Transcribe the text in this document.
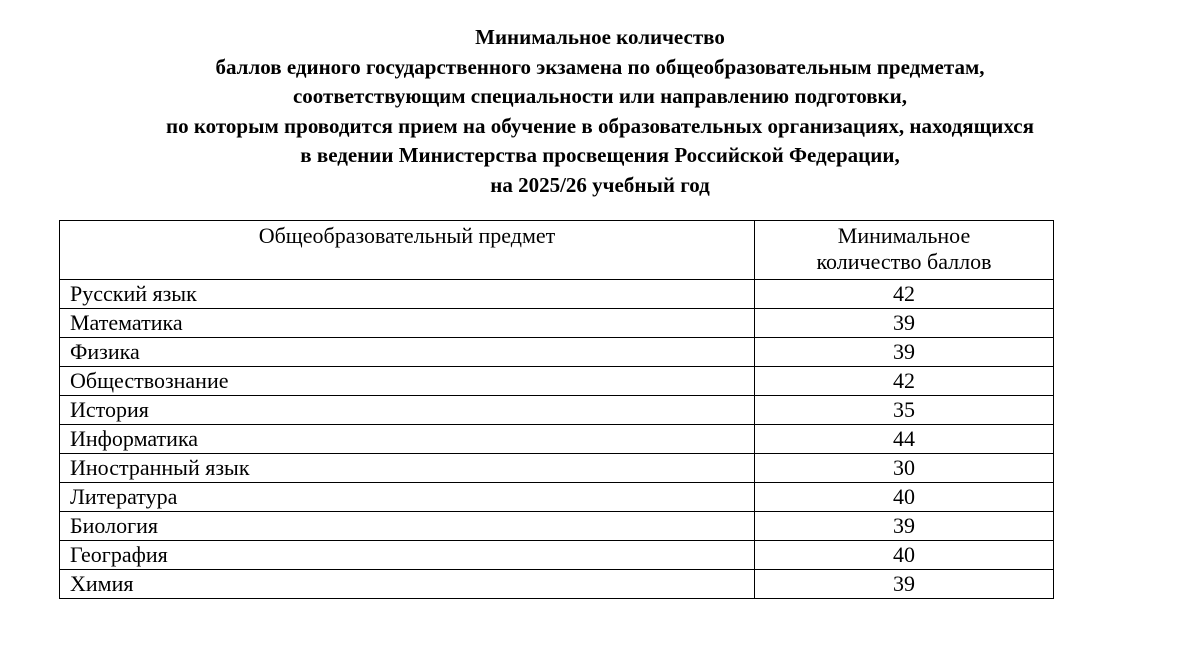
Минимальное количество
баллов единого государственного экзамена по общеобразовательным предметам,
соответствующим специальности или направлению подготовки,
по которым проводится прием на обучение в образовательных организациях, находящихся
в ведении Министерства просвещения Российской Федерации,
на 2025/26 учебный год
Общеобразовательный предмет	Минимальное
количество баллов
Русский язык	42
Математика	39
Физика	39
Обществознание	42
История	35
Информатика	44
Иностранный язык	30
Литература	40
Биология	39
География	40
Химия	39
